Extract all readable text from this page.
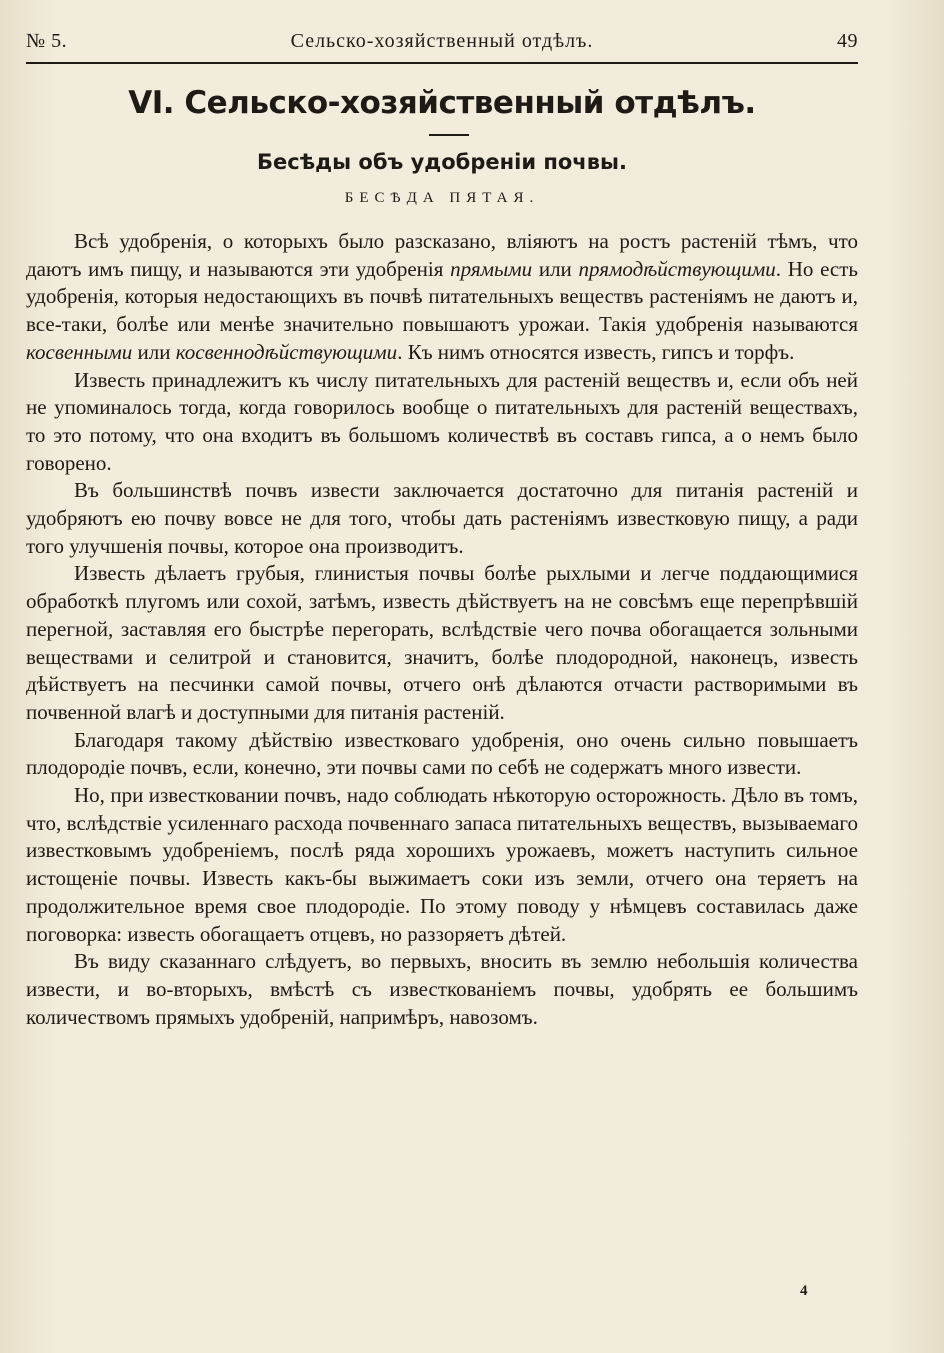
№ 5.	Сельско-хозяйственный отдѣлъ.	49
VI. Сельско-хозяйственный отдѣлъ.
Бесѣды объ удобреніи почвы.
БЕСѢДА ПЯТАЯ.

Всѣ удобренія, о которыхъ было разсказано, вліяютъ на ростъ растеній тѣмъ, что даютъ имъ пищу, и называются эти удобренія прямыми или прямодѣйствующими. Но есть удобренія, которыя недостающихъ въ почвѣ питательныхъ веществъ растеніямъ не даютъ и, все-таки, болѣе или менѣе значительно повышаютъ урожаи. Такія удобренія называются косвенными или косвеннодѣйствующими. Къ нимъ относятся известь, гипсъ и торфъ.

Известь принадлежитъ къ числу питательныхъ для растеній веществъ и, если объ ней не упоминалось тогда, когда говорилось вообще о питательныхъ для растеній веществахъ, то это потому, что она входитъ въ большомъ количествѣ въ составъ гипса, а о немъ было говорено.

Въ большинствѣ почвъ извести заключается достаточно для питанія растеній и удобряютъ ею почву вовсе не для того, чтобы дать растеніямъ известковую пищу, а ради того улучшенія почвы, которое она производитъ.

Известь дѣлаетъ грубыя, глинистыя почвы болѣе рыхлыми и легче поддающимися обработкѣ плугомъ или сохой, затѣмъ, известь дѣйствуетъ на не совсѣмъ еще перепрѣвшій перегной, заставляя его быстрѣе перегорать, вслѣдствіе чего почва обогащается зольными веществами и селитрой и становится, значитъ, болѣе плодородной, наконецъ, известь дѣйствуетъ на песчинки самой почвы, отчего онѣ дѣлаются отчасти растворимыми въ почвенной влагѣ и доступными для питанія растеній.

Благодаря такому дѣйствію известковаго удобренія, оно очень сильно повышаетъ плодородіе почвъ, если, конечно, эти почвы сами по себѣ не содержатъ много извести.

Но, при известковании почвъ, надо соблюдать нѣкоторую осторожность. Дѣло въ томъ, что, вслѣдствіе усиленнаго расхода почвеннаго запаса питательныхъ веществъ, вызываемаго известковымъ удобреніемъ, послѣ ряда хорошихъ урожаевъ, можетъ наступить сильное истощеніе почвы. Известь какъ-бы выжимаетъ соки изъ земли, отчего она теряетъ на продолжительное время свое плодородіе. По этому поводу у нѣмцевъ составилась даже поговорка: известь обогащаетъ отцевъ, но раззоряетъ дѣтей.

Въ виду сказаннаго слѣдуетъ, во первыхъ, вносить въ землю небольшія количества извести, и во-вторыхъ, вмѣстѣ съ известкованіемъ почвы, удобрять ее большимъ количествомъ прямыхъ удобреній, напримѣръ, навозомъ.

4
